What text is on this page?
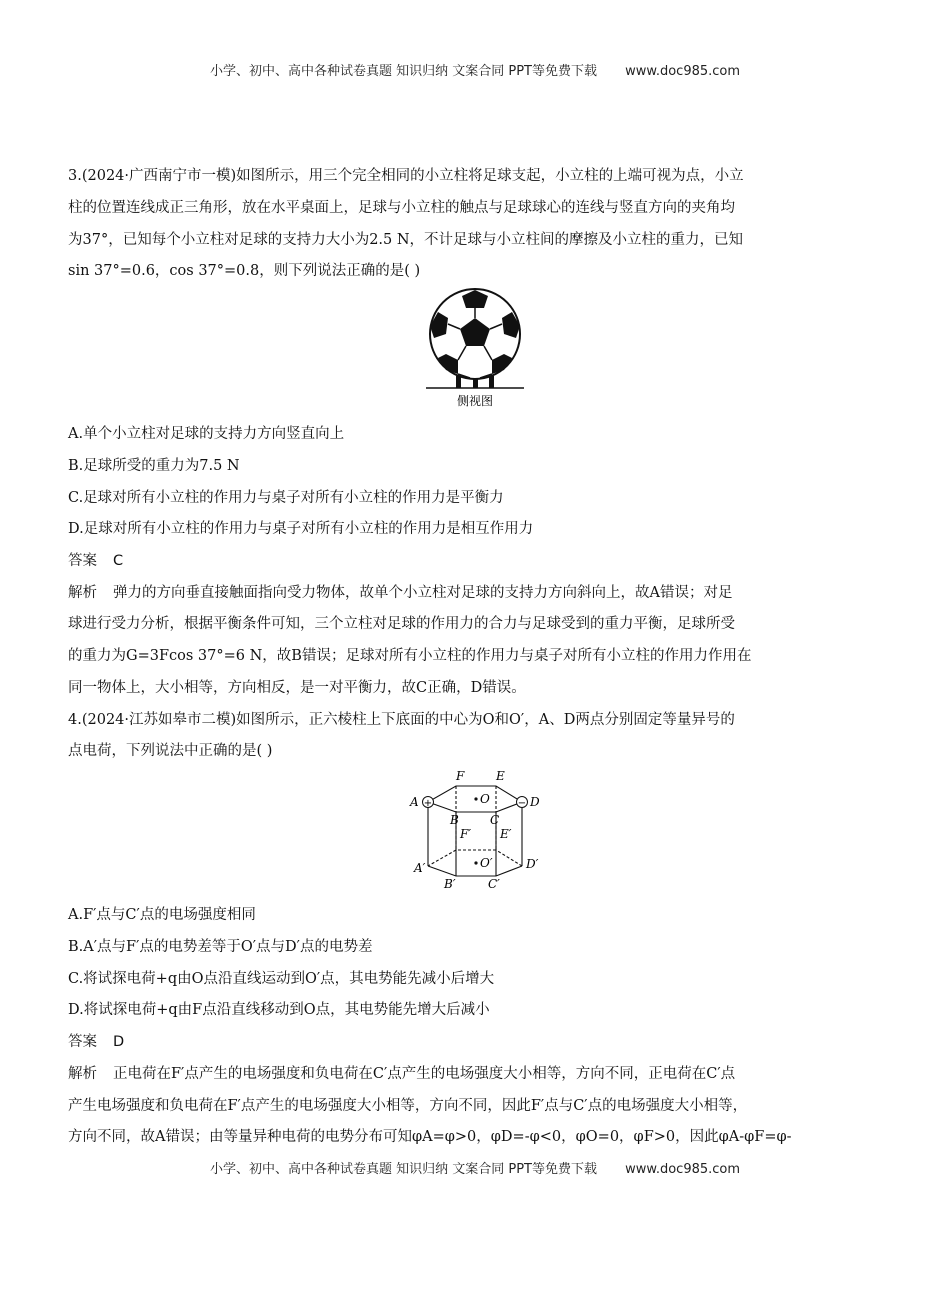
小学、初中、高中各种试卷真题 知识归纳 文案合同 PPT等免费下载 www.doc985.com
3.(2024·广西南宁市一模)如图所示，用三个完全相同的小立柱将足球支起，小立柱的上端可视为点，小立
柱的位置连线成正三角形，放在水平桌面上，足球与小立柱的触点与足球球心的连线与竖直方向的夹角均
为37°，已知每个小立柱对足球的支持力大小为2.5 N，不计足球与小立柱间的摩擦及小立柱的重力，已知
sin 37°=0.6，cos 37°=0.8，则下列说法正确的是( )
侧视图
A.单个小立柱对足球的支持力方向竖直向上
B.足球所受的重力为7.5 N
C.足球对所有小立柱的作用力与桌子对所有小立柱的作用力是平衡力
D.足球对所有小立柱的作用力与桌子对所有小立柱的作用力是相互作用力
答案 C
解析 弹力的方向垂直接触面指向受力物体，故单个小立柱对足球的支持力方向斜向上，故A错误；对足
球进行受力分析，根据平衡条件可知，三个立柱对足球的作用力的合力与足球受到的重力平衡，足球所受
的重力为G=3Fcos 37°=6 N，故B错误；足球对所有小立柱的作用力与桌子对所有小立柱的作用力作用在
同一物体上，大小相等，方向相反，是一对平衡力，故C正确，D错误。
4.(2024·江苏如皋市二模)如图所示，正六棱柱上下底面的中心为O和O′，A、D两点分别固定等量异号的
点电荷，下列说法中正确的是( )
+	−
A
B	C
D
E
F
O
A′
B′	C′
D′
E′
F′
O′
A.F′点与C′点的电场强度相同
B.A′点与F′点的电势差等于O′点与D′点的电势差
C.将试探电荷+q由O点沿直线运动到O′点，其电势能先减小后增大
D.将试探电荷+q由F点沿直线移动到O点，其电势能先增大后减小
答案 D
解析 正电荷在F′点产生的电场强度和负电荷在C′点产生的电场强度大小相等，方向不同，正电荷在C′点
产生电场强度和负电荷在F′点产生的电场强度大小相等，方向不同，因此F′点与C′点的电场强度大小相等，
方向不同，故A错误；由等量异种电荷的电势分布可知φA=φ>0，φD=-φ<0，φO=0，φF>0，因此φA-φF=φ-
小学、初中、高中各种试卷真题 知识归纳 文案合同 PPT等免费下载 www.doc985.com
